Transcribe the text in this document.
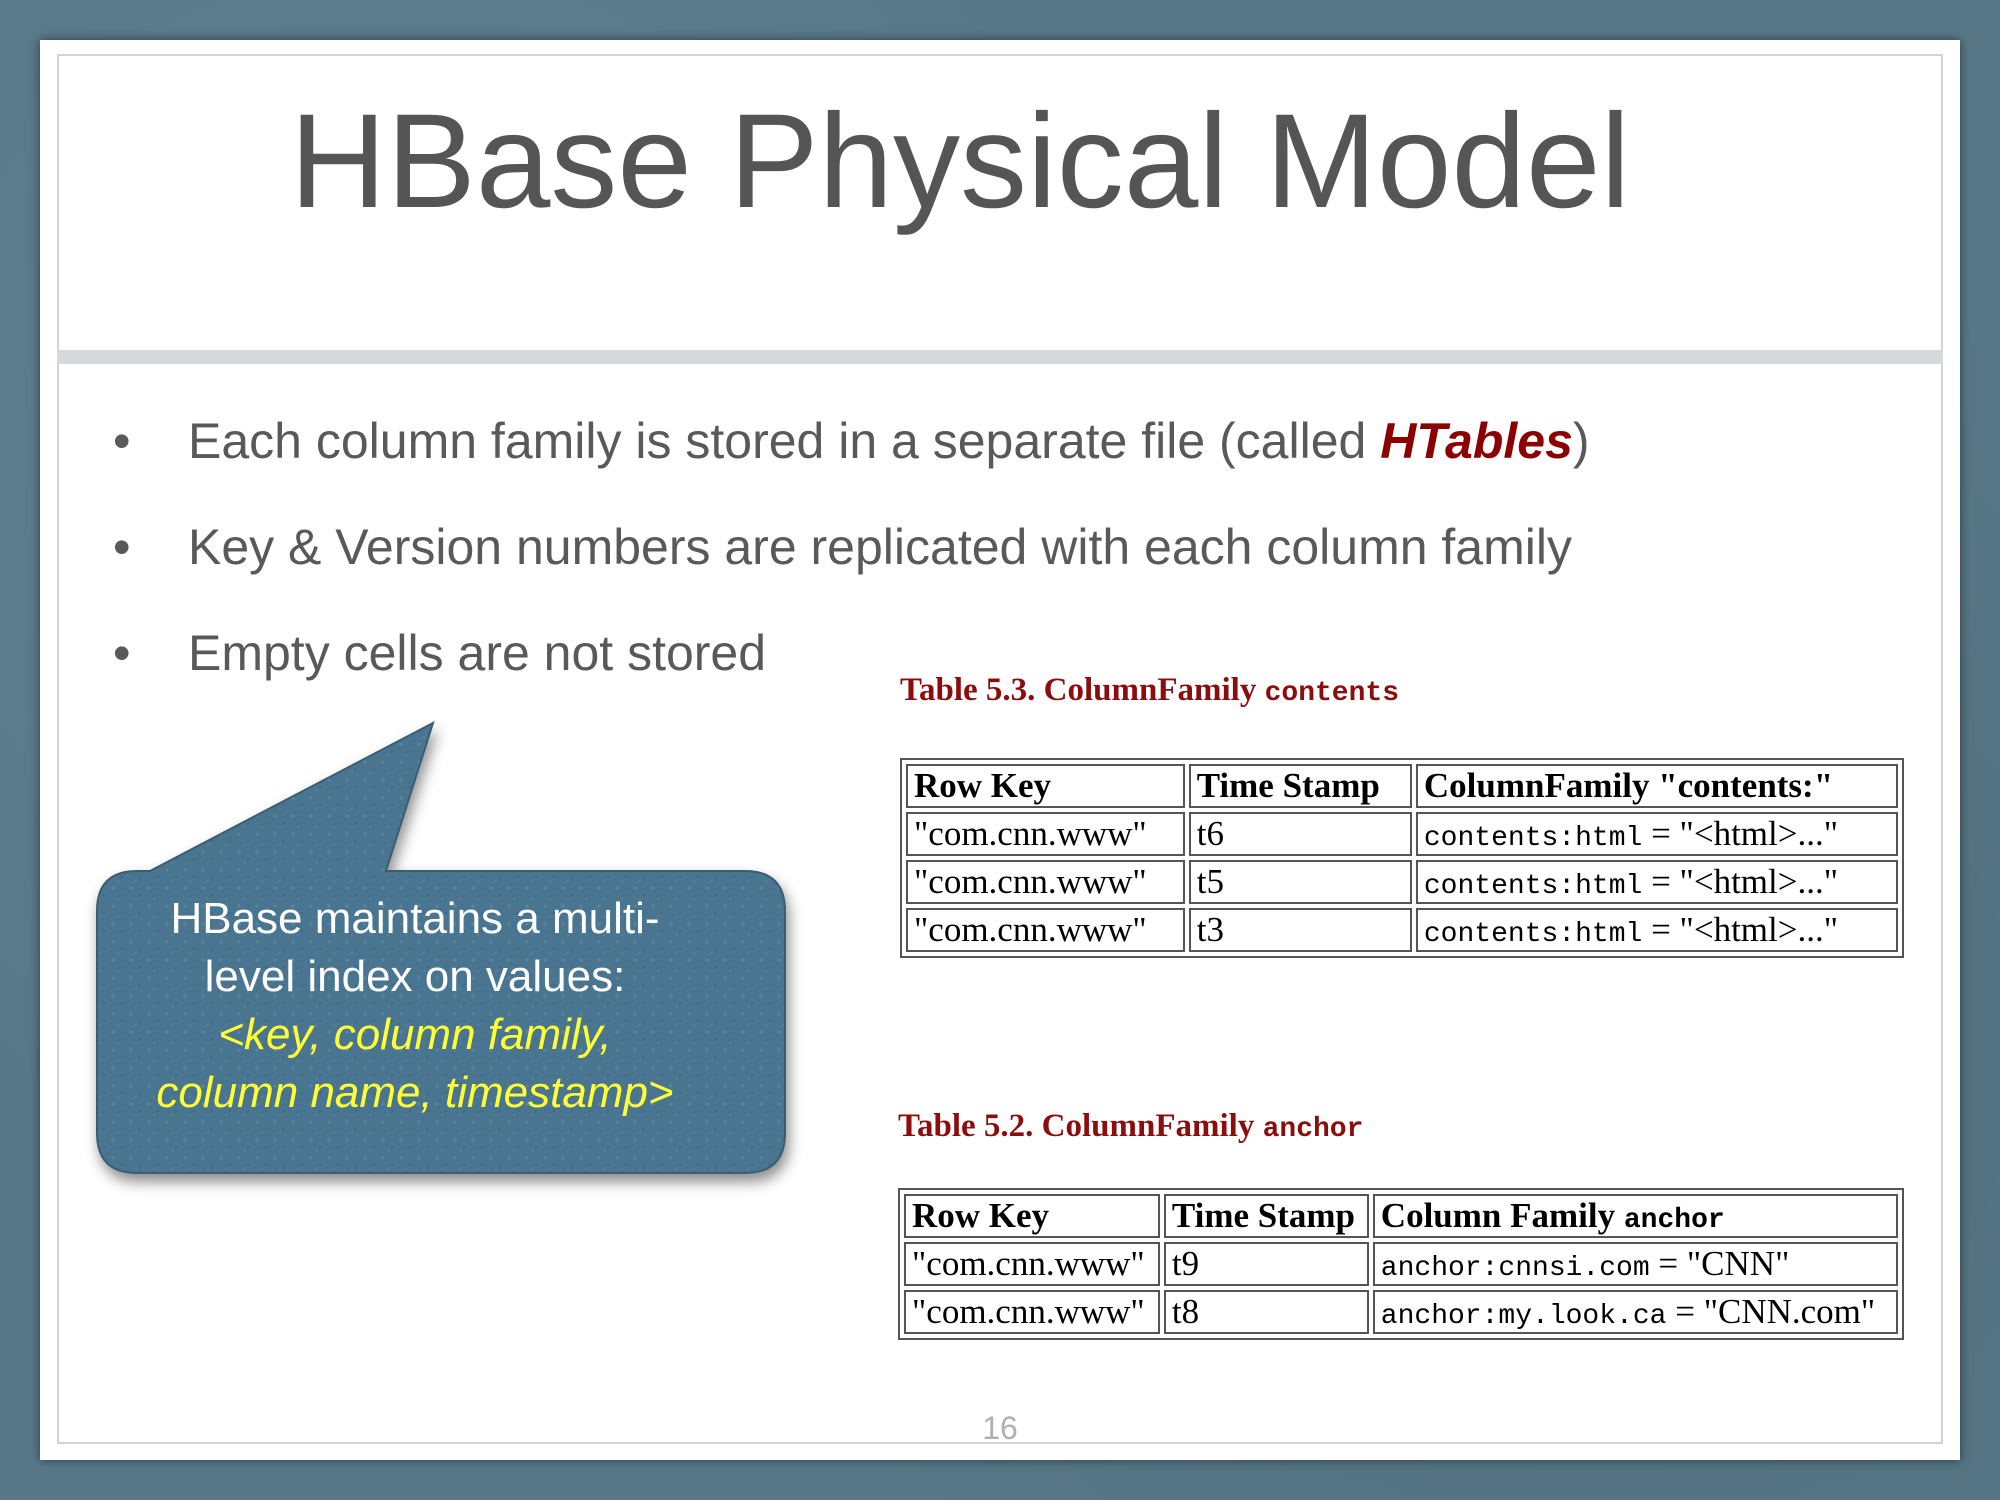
HBase Physical Model
• Each column family is stored in a separate file (called HTables)
• Key & Version numbers are replicated with each column family
• Empty cells are not stored
HBase maintains a multi-
level index on values:
<key, column family,
column name, timestamp>
Table 5.3. ColumnFamily contents
Row Key	Time Stamp	ColumnFamily "contents:"
"com.cnn.www"	t6	contents:html = "<html>..."
"com.cnn.www"	t5	contents:html = "<html>..."
"com.cnn.www"	t3	contents:html = "<html>..."
Table 5.2. ColumnFamily anchor
Row Key	Time Stamp	Column Family anchor
"com.cnn.www"	t9	anchor:cnnsi.com = "CNN"
"com.cnn.www"	t8	anchor:my.look.ca = "CNN.com"
16
